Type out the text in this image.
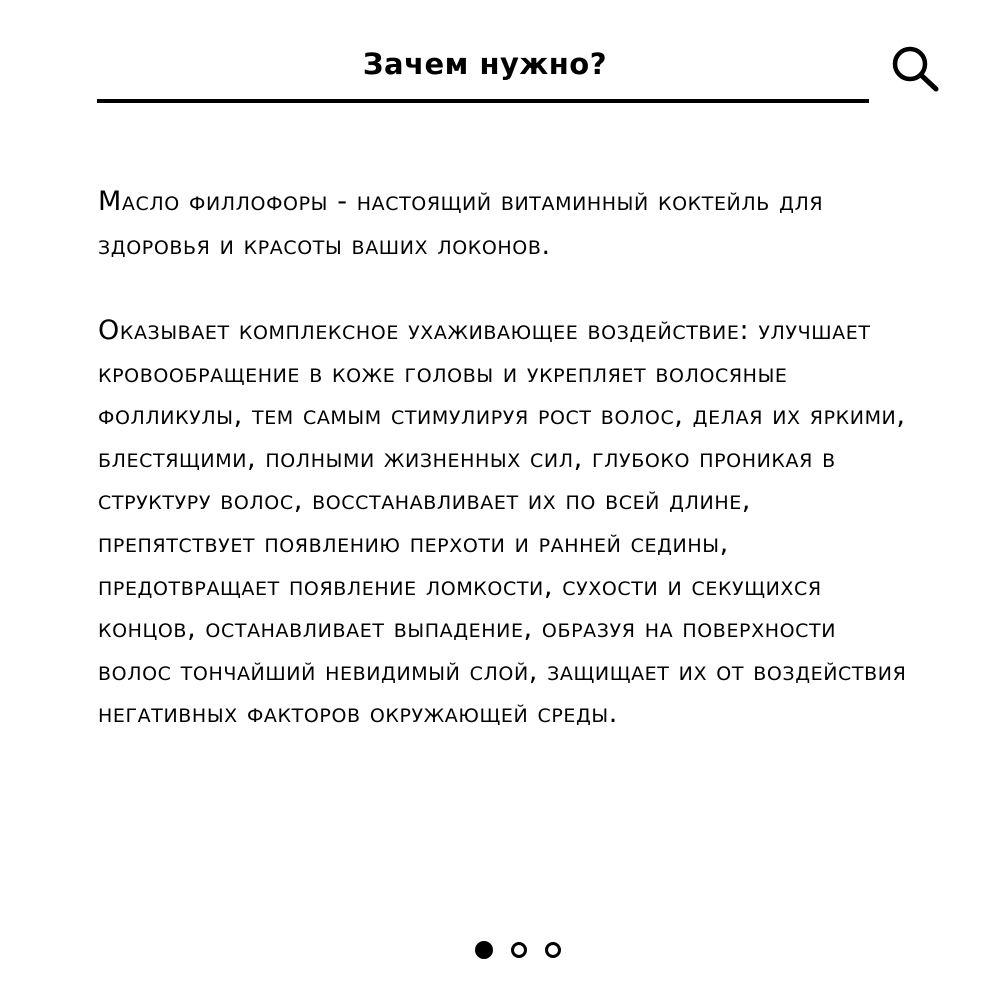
Зачем нужно?

Масло филлофоры - настоящий витаминный коктейль для здоровья и красоты ваших локонов.

Оказывает комплексное ухаживающее воздействие: улучшает кровообращение в коже головы и укрепляет волосяные фолликулы, тем самым стимулируя рост волос, делая их яркими, блестящими, полными жизненных сил, глубоко проникая в структуру волос, восстанавливает их по всей длине, препятствует появлению перхоти и ранней седины, предотвращает появление ломкости, сухости и секущихся концов, останавливает выпадение, образуя на поверхности волос тончайший невидимый слой, защищает их от воздействия негативных факторов окружающей среды.
